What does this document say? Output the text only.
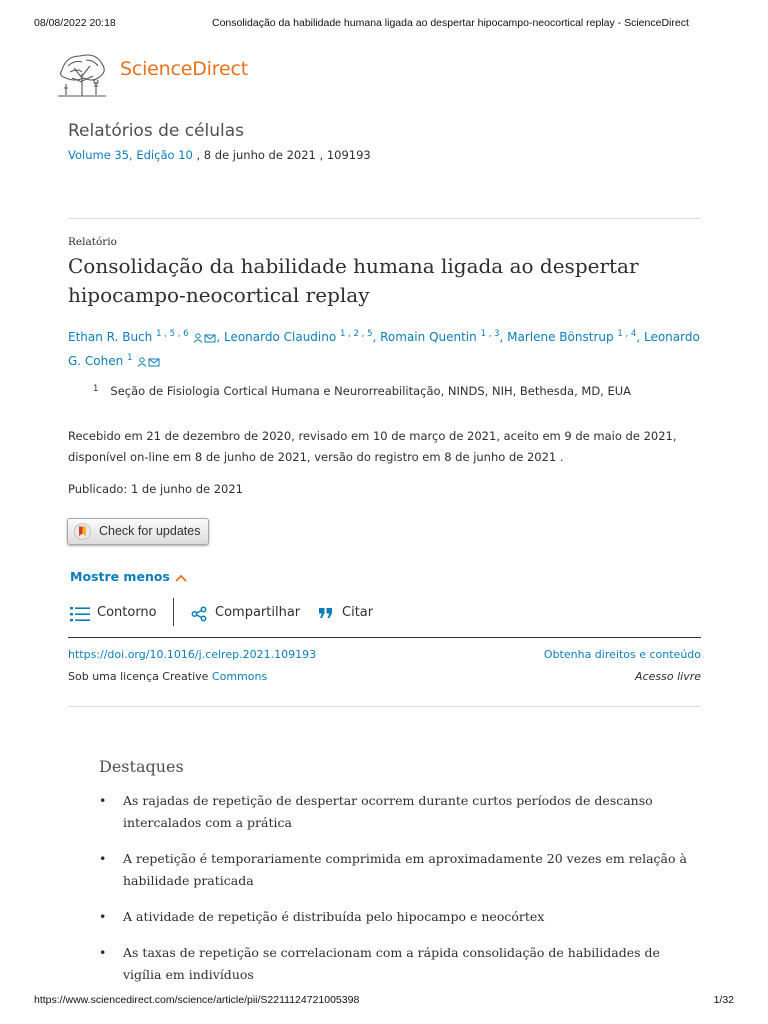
08/08/2022 20:18	Consolidação da habilidade humana ligada ao despertar hipocampo-neocortical replay - ScienceDirect
ScienceDirect
Relatórios de células
Volume 35, Edição 10 , 8 de junho de 2021 , 109193
Relatório
Consolidação da habilidade humana ligada ao despertar hipocampo-neocortical replay
Ethan R. Buch $^{1 , 5 , 6}$ , Leonardo Claudino $^{1 , 2 , 5}$, Romain Quentin $^{1 , 3}$, Marlene Bönstrup $^{1 , 4}$, Leonardo G. Cohen $^1$
$^1$ Seção de Fisiologia Cortical Humana e Neurorreabilitação, NINDS, NIH, Bethesda, MD, EUA
Recebido em 21 de dezembro de 2020, revisado em 10 de março de 2021, aceito em 9 de maio de 2021,
disponível on-line em 8 de junho de 2021, versão do registro em 8 de junho de 2021 .
Publicado: 1 de junho de 2021
Check for updates
Mostre menos
Contorno	Compartilhar	Citar
https://doi.org/10.1016/j.celrep.2021.109193	Obtenha direitos e conteúdo
Sob uma licença Creative Commons	Acesso livre
Destaques
• As rajadas de repetição de despertar ocorrem durante curtos períodos de descanso intercalados com a prática
• A repetição é temporariamente comprimida em aproximadamente 20 vezes em relação à habilidade praticada
• A atividade de repetição é distribuída pelo hipocampo e neocórtex
• As taxas de repetição se correlacionam com a rápida consolidação de habilidades de vigília em indivíduos
https://www.sciencedirect.com/science/article/pii/S2211124721005398	1/32
